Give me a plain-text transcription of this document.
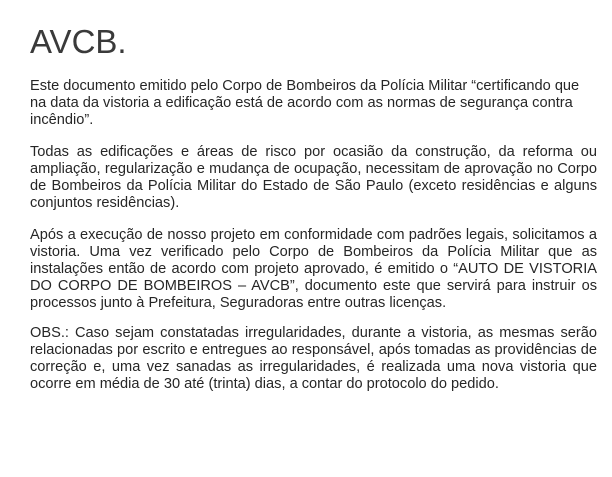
AVCB.

Este documento emitido pelo Corpo de Bombeiros da Polícia Militar “certificando que na data da vistoria a edificação está de acordo com as normas de segurança contra incêndio”.

Todas as edificações e áreas de risco por ocasião da construção, da reforma ou ampliação, regularização e mudança de ocupação, necessitam de aprovação no Corpo de Bombeiros da Polícia Militar do Estado de São Paulo (exceto residências e alguns conjuntos residências).

Após a execução de nosso projeto em conformidade com padrões legais, solicitamos a vistoria. Uma vez verificado pelo Corpo de Bombeiros da Polícia Militar que as instalações então de acordo com projeto aprovado, é emitido o “AUTO DE VISTORIA DO CORPO DE BOMBEIROS – AVCB”, documento este que servirá para instruir os processos junto à Prefeitura, Seguradoras entre outras licenças.

OBS.: Caso sejam constatadas irregularidades, durante a vistoria, as mesmas serão relacionadas por escrito e entregues ao responsável, após tomadas as providências de correção e, uma vez sanadas as irregularidades, é realizada uma nova vistoria que ocorre em média de 30 até (trinta) dias, a contar do protocolo do pedido.
